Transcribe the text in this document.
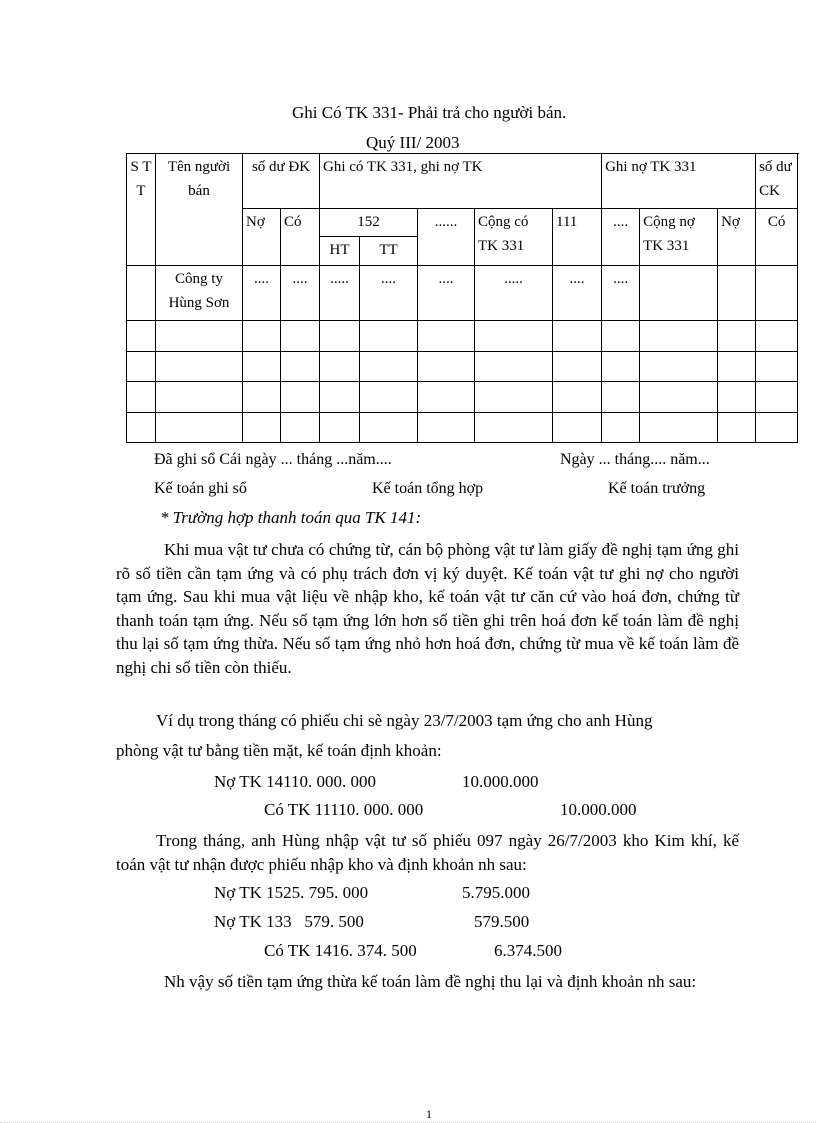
Ghi Có TK 331- Phải trả cho người bán.
Quý III/ 2003
S T T	Tên người bán	số dư ĐK		Ghi có TK 331, ghi nợ TK					Ghi nợ TK 331			số dư CK
		Nợ	Có	152		......	Cộng có TK 331	111	....	Cộng nợ TK 331	Nợ	Có
				HT	TT							
	Công ty Hùng Sơn	....	....	.....	....	....	.....	....	....			

Đã ghi sổ Cái ngày ... tháng ...năm....	Ngày ... tháng.... năm...
Kế toán ghi sổ	Kế toán tổng hợp	Kế toán trưởng
* Trường hợp thanh toán qua TK 141:
Khi mua vật tư chưa có chứng từ, cán bộ phòng vật tư làm giấy đề nghị tạm ứng ghi rõ số tiền cần tạm ứng và có phụ trách đơn vị ký duyệt. Kế toán vật tư ghi nợ cho người tạm ứng. Sau khi mua vật liệu về nhập kho, kế toán vật tư căn cứ vào hoá đơn, chứng từ thanh toán tạm ứng. Nếu số tạm ứng lớn hơn số tiền ghi trên hoá đơn kế toán làm đề nghị thu lại số tạm ứng thừa. Nếu số tạm ứng nhỏ hơn hoá đơn, chứng từ mua về kế toán làm đề nghị chi số tiền còn thiếu.
Ví dụ trong tháng có phiếu chi sè ngày 23/7/2003 tạm ứng cho anh Hùng
phòng vật tư bằng tiền mặt, kế toán định khoản:
Nợ TK 14110. 000. 000	10.000.000
Có TK 11110. 000. 000	10.000.000
Trong tháng, anh Hùng nhập vật tư số phiếu 097 ngày 26/7/2003 kho Kim khí, kế toán vật tư nhận được phiếu nhập kho và định khoản nh sau:
Nợ TK 1525. 795. 000	5.795.000
Nợ TK 133   579. 500	579.500
Có TK 1416. 374. 500	6.374.500
Nh vậy số tiền tạm ứng thừa kế toán làm đề nghị thu lại và định khoản nh sau:
1
